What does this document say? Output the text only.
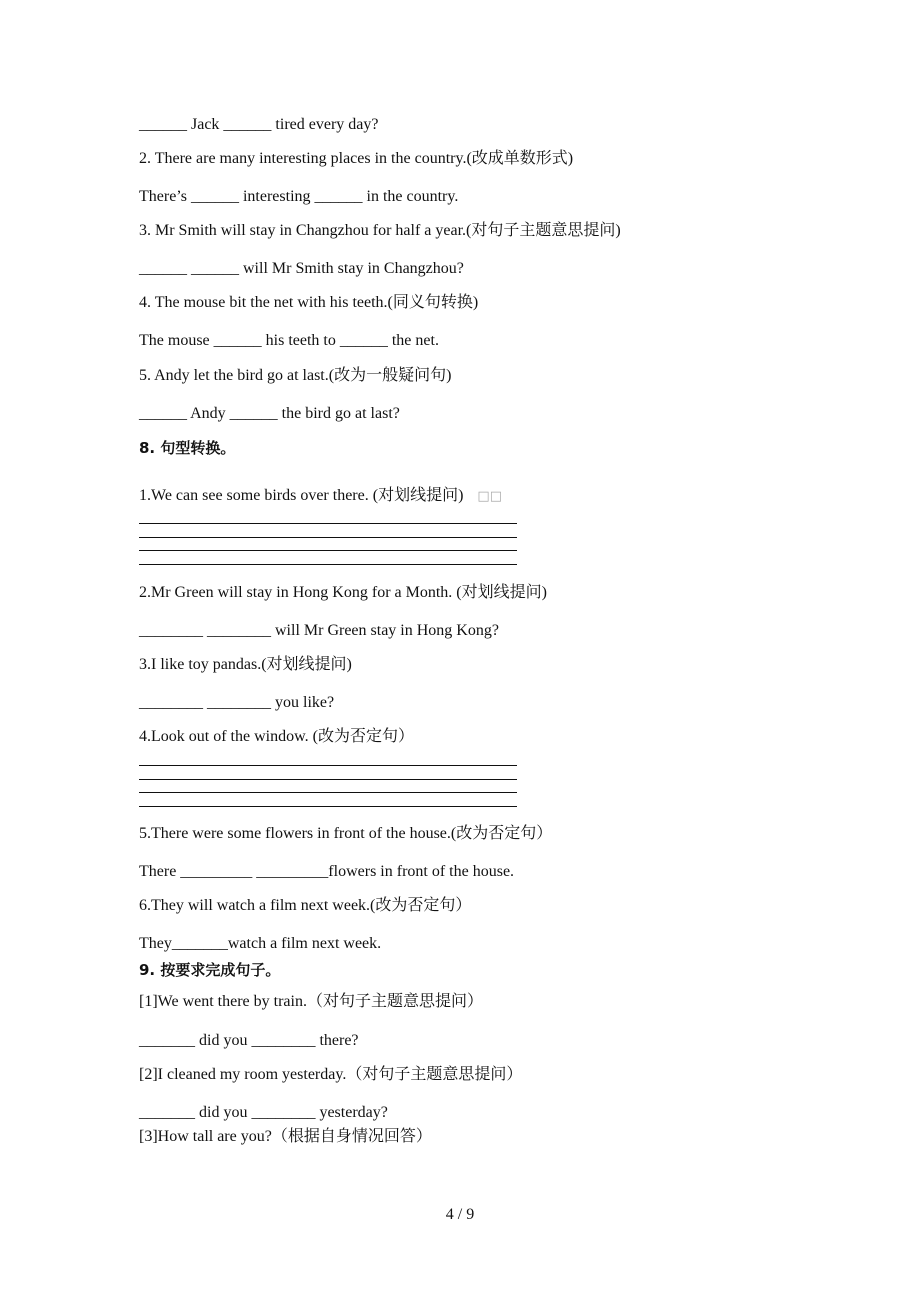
______ Jack ______ tired every day?
2. There are many interesting places in the country.(改成单数形式)
There’s ______ interesting ______ in the country.
3. Mr Smith will stay in Changzhou for half a year.(对句子主题意思提问)
______ ______ will Mr Smith stay in Changzhou?
4. The mouse bit the net with his teeth.(同义句转换)
The mouse ______ his teeth to ______ the net.
5. Andy let the bird go at last.(改为一般疑问句)
______ Andy ______ the bird go at last?
8. 句型转换。
1.We can see some birds over there. (对划线提问) □□
2.Mr Green will stay in Hong Kong for a Month. (对划线提问)
________ ________ will Mr Green stay in Hong Kong?
3.I like toy pandas.(对划线提问)
________ ________ you like?
4.Look out of the window. (改为否定句）
5.There were some flowers in front of the house.(改为否定句）
There _________ _________flowers in front of the house.
6.They will watch a film next week.(改为否定句）
They_______watch a film next week.
9. 按要求完成句子。
[1]We went there by train.（对句子主题意思提问）
_______ did you ________ there?
[2]I cleaned my room yesterday.（对句子主题意思提问）
_______ did you ________ yesterday?
[3]How tall are you?（根据自身情况回答）
4 / 9
